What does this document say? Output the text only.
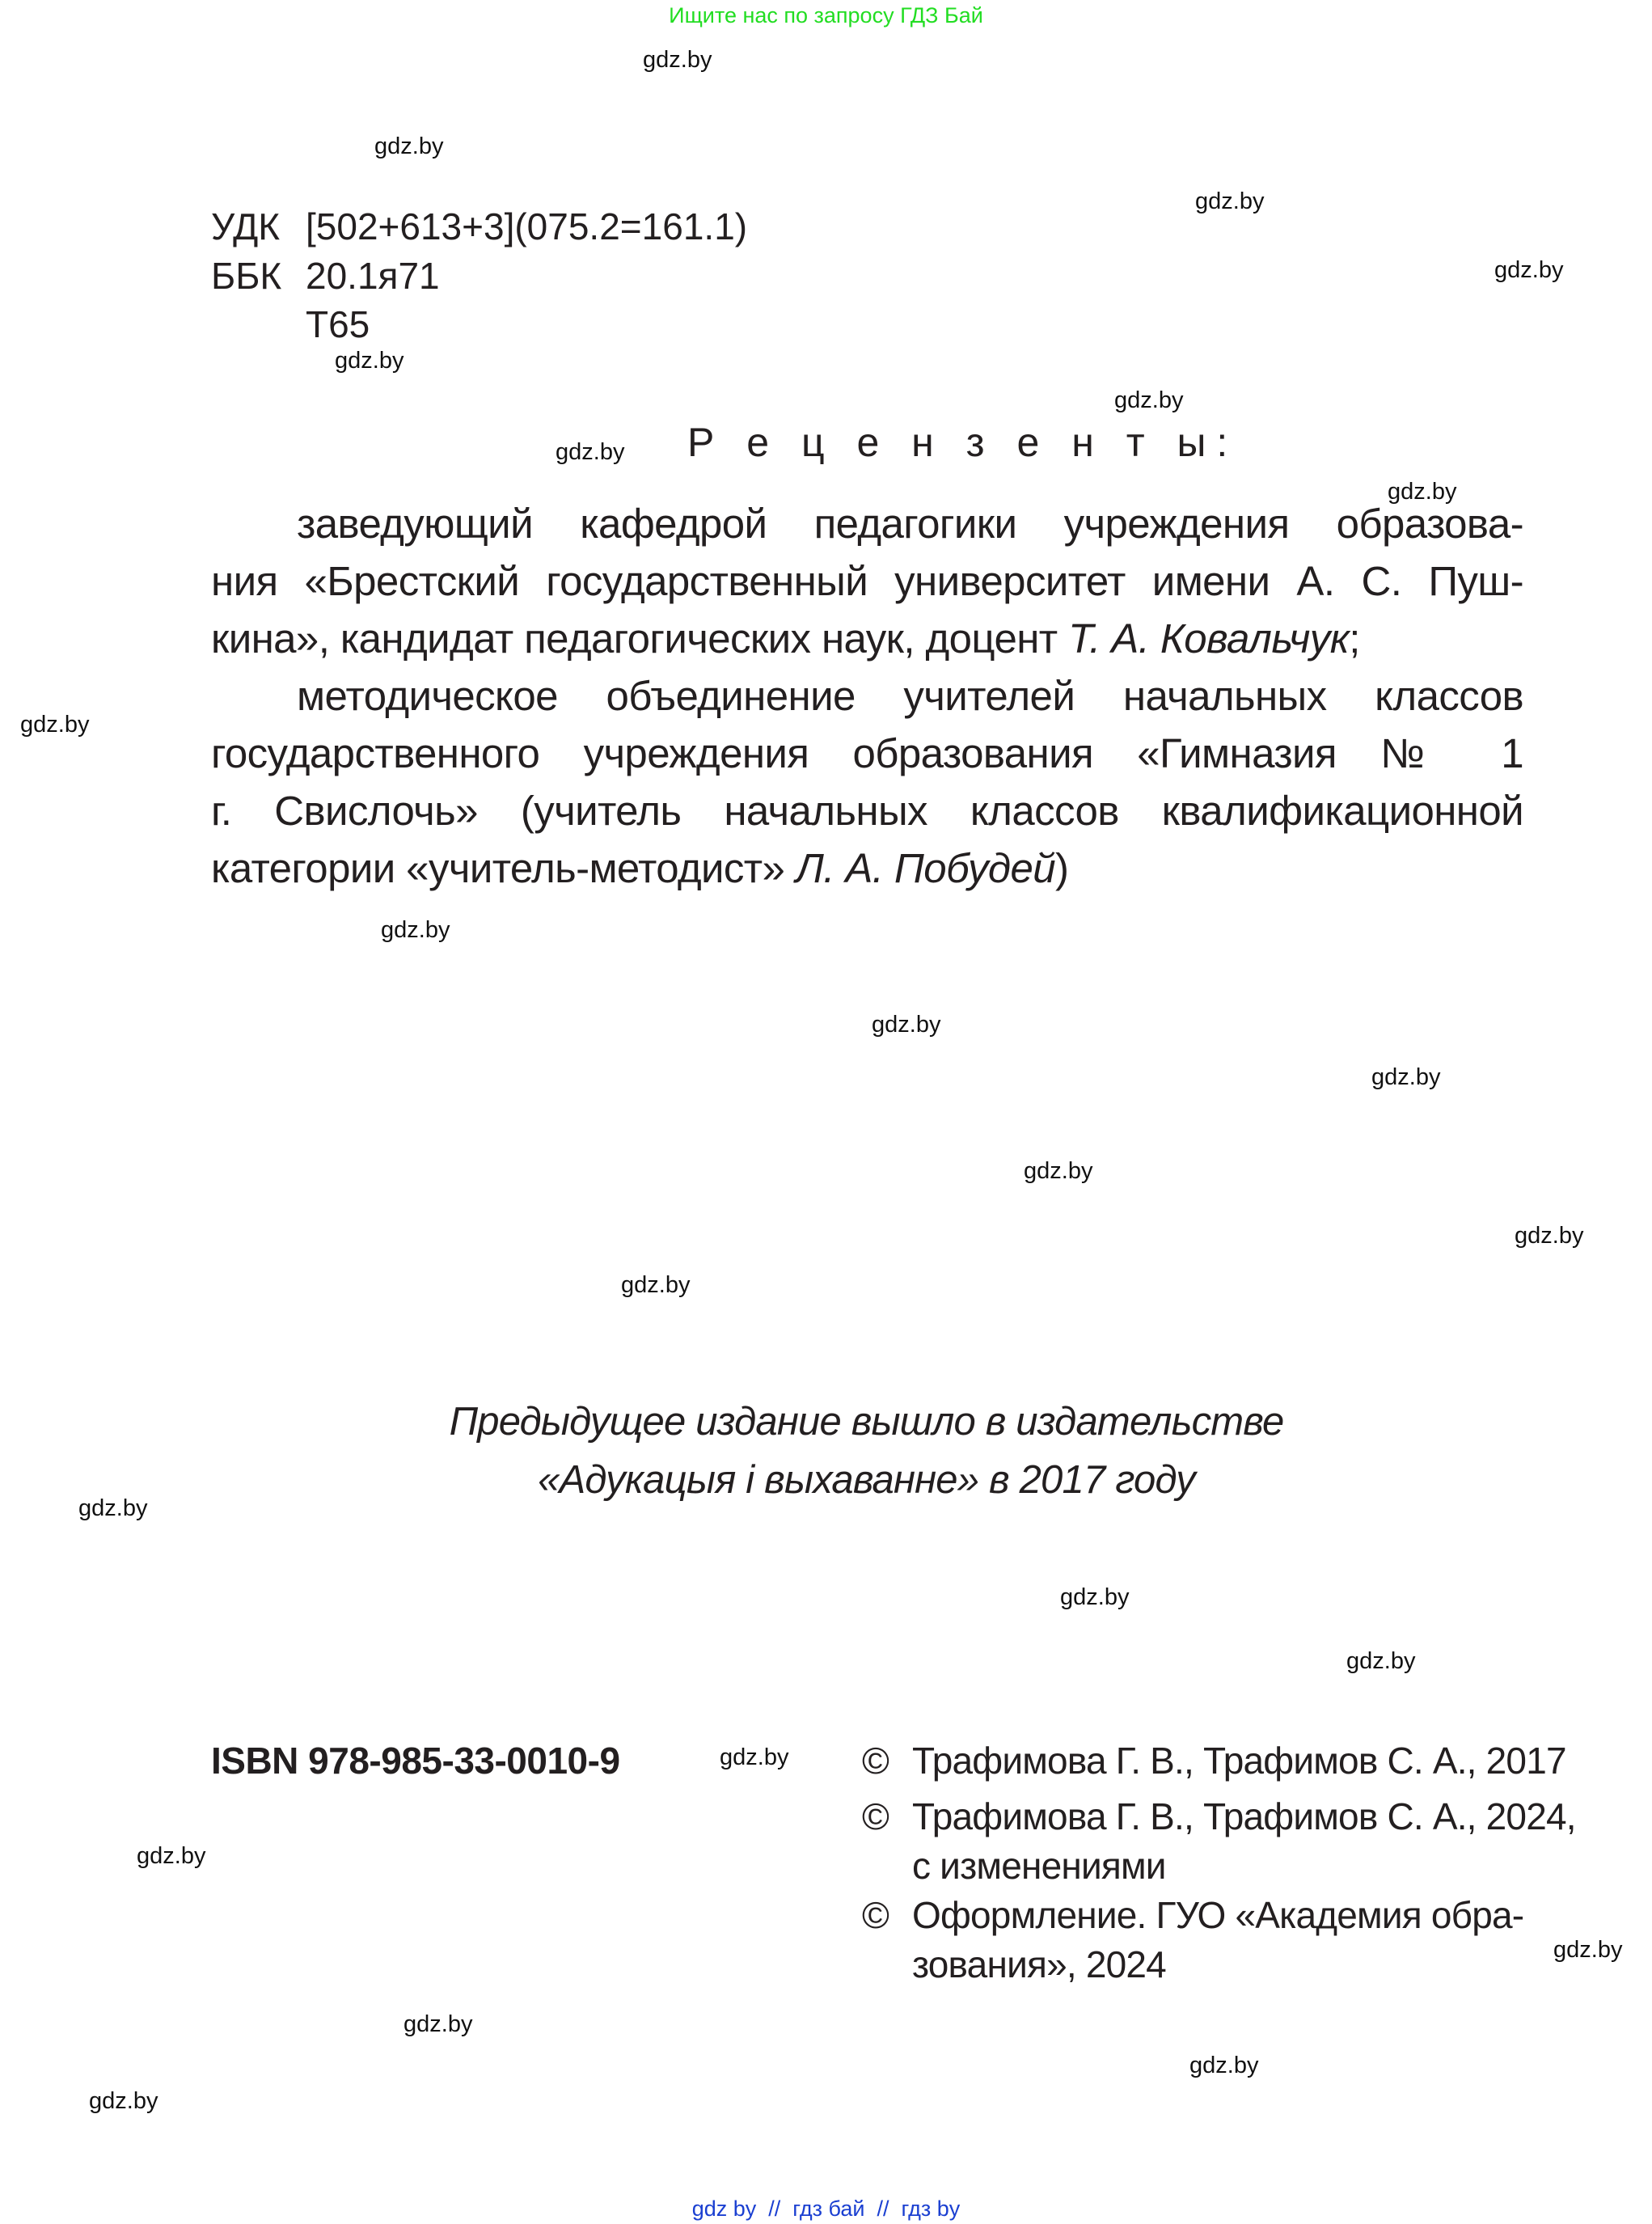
Ищите нас по запросу ГДЗ Бай
gdz.by
gdz.by
gdz.by
gdz.by
gdz.by
gdz.by
gdz.by
gdz.by
gdz.by
gdz.by
gdz.by
gdz.by
gdz.by
gdz.by
gdz.by
gdz.by
gdz.by
gdz.by
gdz.by
gdz.by
gdz.by
gdz.by
gdz.by
gdz.by
УДК [502+613+3](075.2=161.1)
ББК 20.1я71
Т65
Р е ц е н з е н т ы:
заведующий кафедрой педагогики учреждения образова-
ния «Брестский государственный университет имени А. С. Пуш-
кина», кандидат педагогических наук, доцент Т. А. Ковальчук;
методическое объединение учителей начальных классов
государственного учреждения образования «Гимназия № 1
г. Свислочь» (учитель начальных классов квалификационной
категории «учитель-методист» Л. А. Побудей)
Предыдущее издание вышло в издательстве
«Адукацыя і выхаванне» в 2017 году
ISBN 978-985-33-0010-9	© Трафимова Г. В., Трафимов С. А., 2017
© Трафимова Г. В., Трафимов С. А., 2024,
с изменениями
© Оформление. ГУО «Академия обра-
зования», 2024
gdz by  //  гдз бай  //  гдз by
